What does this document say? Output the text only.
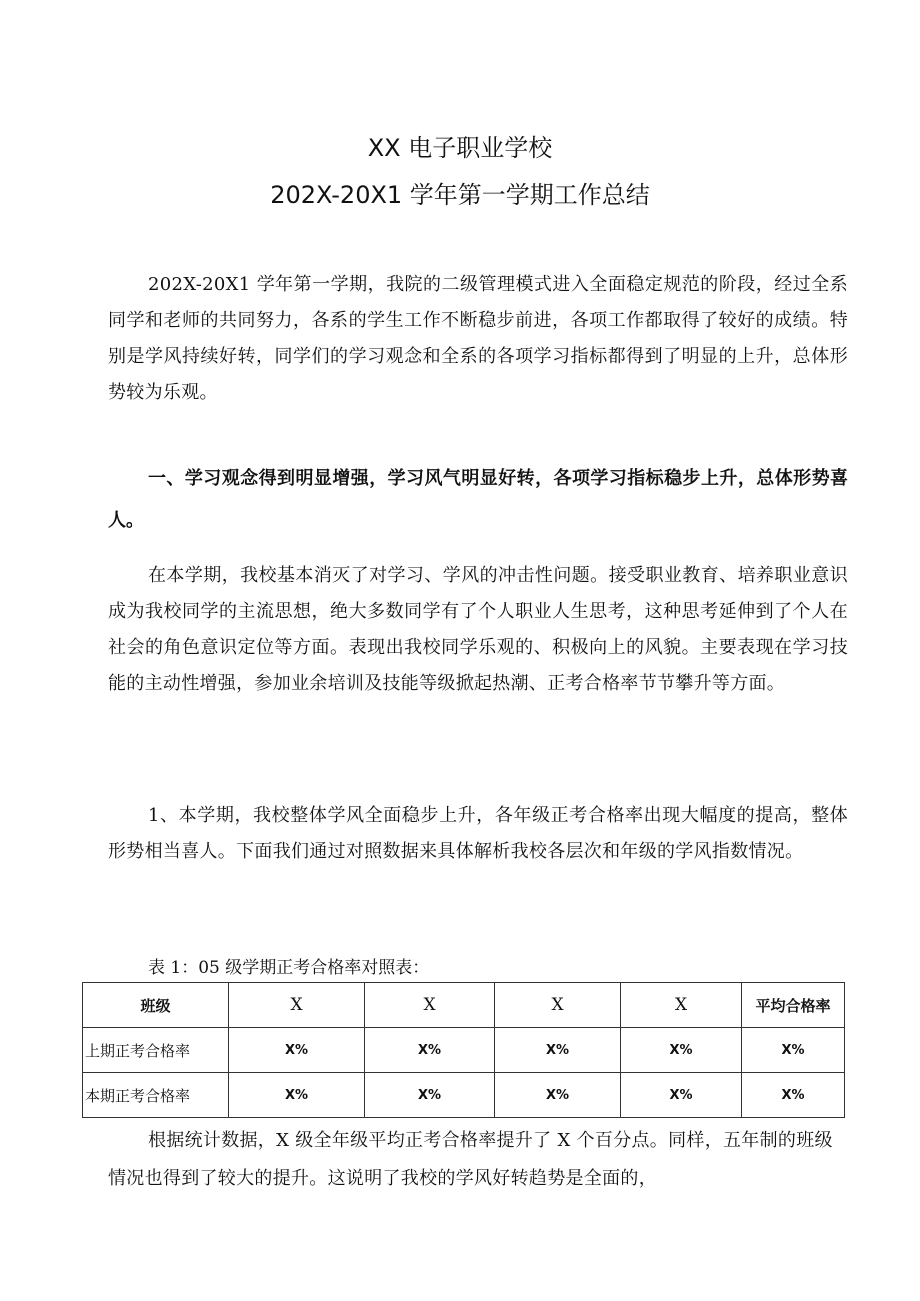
XX 电子职业学校
202X-20X1 学年第一学期工作总结
202X-20X1 学年第一学期，我院的二级管理模式进入全面稳定规范的阶段，经过全系同学和老师的共同努力，各系的学生工作不断稳步前进，各项工作都取得了较好的成绩。特别是学风持续好转，同学们的学习观念和全系的各项学习指标都得到了明显的上升，总体形势较为乐观。
一、学习观念得到明显增强，学习风气明显好转，各项学习指标稳步上升，总体形势喜人。
在本学期，我校基本消灭了对学习、学风的冲击性问题。接受职业教育、培养职业意识成为我校同学的主流思想，绝大多数同学有了个人职业人生思考，这种思考延伸到了个人在社会的角色意识定位等方面。表现出我校同学乐观的、积极向上的风貌。主要表现在学习技能的主动性增强，参加业余培训及技能等级掀起热潮、正考合格率节节攀升等方面。
1、本学期，我校整体学风全面稳步上升，各年级正考合格率出现大幅度的提高，整体形势相当喜人。下面我们通过对照数据来具体解析我校各层次和年级的学风指数情况。
表 1：05 级学期正考合格率对照表：
班级	X	X	X	X	平均合格率
上期正考合格率	X%	X%	X%	X%	X%
本期正考合格率	X%	X%	X%	X%	X%
根据统计数据，X 级全年级平均正考合格率提升了 X 个百分点。同样，五年制的班级情况也得到了较大的提升。这说明了我校的学风好转趋势是全面的，
